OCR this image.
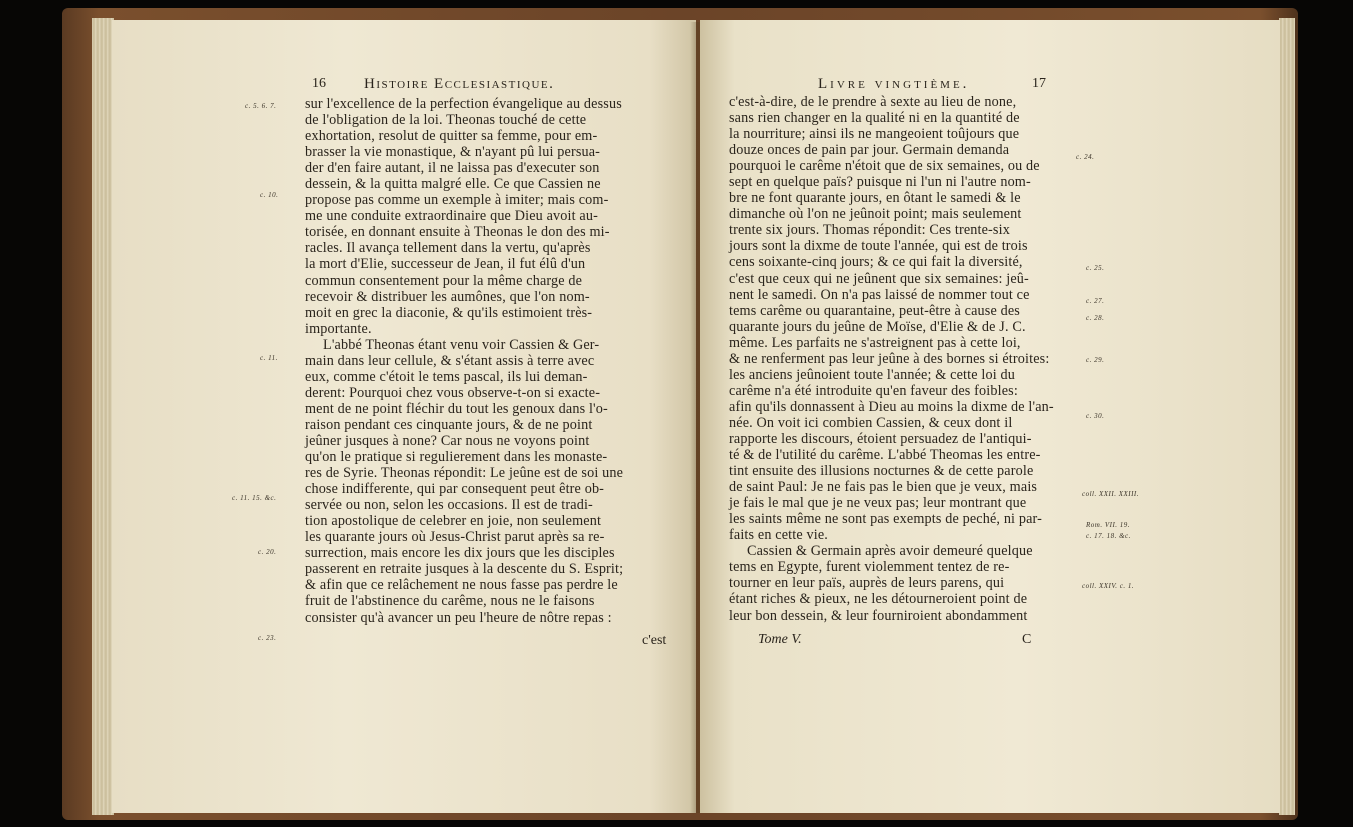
16	Histoire Ecclesiastique.
sur l'excellence de la perfection évangelique au dessus
de l'obligation de la loi. Theonas touché de cette
exhortation, resolut de quitter sa femme, pour em-
brasser la vie monastique, & n'ayant pû lui persua-
der d'en faire autant, il ne laissa pas d'executer son
dessein, & la quitta malgré elle. Ce que Cassien ne
propose pas comme un exemple à imiter; mais com-
me une conduite extraordinaire que Dieu avoit au-
torisée, en donnant ensuite à Theonas le don des mi-
racles. Il avança tellement dans la vertu, qu'après
la mort d'Elie, successeur de Jean, il fut élû d'un
commun consentement pour la même charge de
recevoir & distribuer les aumônes, que l'on nom-
moit en grec la diaconie, & qu'ils estimoient très-
importante.
L'abbé Theonas étant venu voir Cassien & Ger-
main dans leur cellule, & s'étant assis à terre avec
eux, comme c'étoit le tems pascal, ils lui deman-
derent: Pourquoi chez vous observe-t-on si exacte-
ment de ne point fléchir du tout les genoux dans l'o-
raison pendant ces cinquante jours, & de ne point
jeûner jusques à none? Car nous ne voyons point
qu'on le pratique si regulierement dans les monaste-
res de Syrie. Theonas répondit: Le jeûne est de soi une
chose indifferente, qui par consequent peut être ob-
servée ou non, selon les occasions. Il est de tradi-
tion apostolique de celebrer en joie, non seulement
les quarante jours où Jesus-Christ parut après sa re-
surrection, mais encore les dix jours que les disciples
passerent en retraite jusques à la descente du S. Esprit;
& afin que ce relâchement ne nous fasse pas perdre le
fruit de l'abstinence du carême, nous ne le faisons
consister qu'à avancer un peu l'heure de nôtre repas :
c'est
c. 5. 6. 7.
c. 10.
c. 11.
c. 11. 15. &c.
c. 20.
c. 23.
Livre vingtième.	17
c'est-à-dire, de le prendre à sexte au lieu de none,
sans rien changer en la qualité ni en la quantité de
la nourriture; ainsi ils ne mangeoient toûjours que
douze onces de pain par jour. Germain demanda
pourquoi le carême n'étoit que de six semaines, ou de
sept en quelque païs? puisque ni l'un ni l'autre nom-
bre ne font quarante jours, en ôtant le samedi & le
dimanche où l'on ne jeûnoit point; mais seulement
trente six jours. Thomas répondit: Ces trente-six
jours sont la dixme de toute l'année, qui est de trois
cens soixante-cinq jours; & ce qui fait la diversité,
c'est que ceux qui ne jeûnent que six semaines: jeû-
nent le samedi. On n'a pas laissé de nommer tout ce
tems carême ou quarantaine, peut-être à cause des
quarante jours du jeûne de Moïse, d'Elie & de J. C.
même. Les parfaits ne s'astreignent pas à cette loi,
& ne renferment pas leur jeûne à des bornes si étroites:
les anciens jeûnoient toute l'année; & cette loi du
carême n'a été introduite qu'en faveur des foibles:
afin qu'ils donnassent à Dieu au moins la dixme de l'an-
née. On voit ici combien Cassien, & ceux dont il
rapporte les discours, étoient persuadez de l'antiqui-
té & de l'utilité du carême. L'abbé Theomas les entre-
tint ensuite des illusions nocturnes & de cette parole
de saint Paul: Je ne fais pas le bien que je veux, mais
je fais le mal que je ne veux pas; leur montrant que
les saints même ne sont pas exempts de peché, ni par-
faits en cette vie.
Cassien & Germain après avoir demeuré quelque
tems en Egypte, furent violemment tentez de re-
tourner en leur païs, auprès de leurs parens, qui
étant riches & pieux, ne les détourneroient point de
leur bon dessein, & leur fourniroient abondamment
Tome V.	C
c. 24.
c. 25.
c. 27.
c. 28.
c. 29.
c. 30.
coll. XXII. XXIII.
Rom. VII. 19.
c. 17. 18. &c.
coll. XXIV. c. 1.
